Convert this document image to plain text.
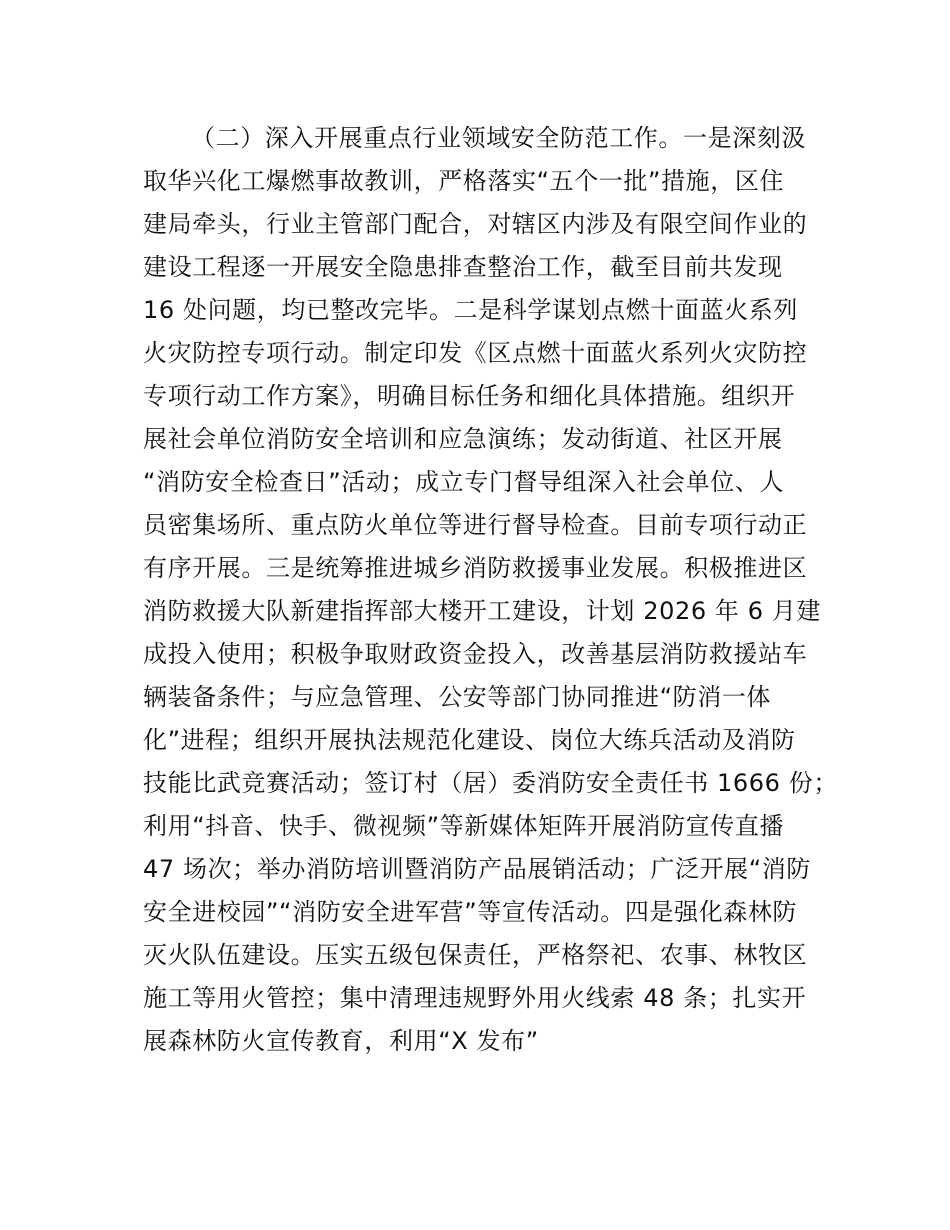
（二）深入开展重点行业领域安全防范工作。一是深刻汲
取华兴化工爆燃事故教训，严格落实“五个一批”措施，区住
建局牵头，行业主管部门配合，对辖区内涉及有限空间作业的
建设工程逐一开展安全隐患排查整治工作，截至目前共发现
16 处问题，均已整改完毕。二是科学谋划点燃十面蓝火系列
火灾防控专项行动。制定印发《区点燃十面蓝火系列火灾防控
专项行动工作方案》，明确目标任务和细化具体措施。组织开
展社会单位消防安全培训和应急演练；发动街道、社区开展
“消防安全检查日”活动；成立专门督导组深入社会单位、人
员密集场所、重点防火单位等进行督导检查。目前专项行动正
有序开展。三是统筹推进城乡消防救援事业发展。积极推进区
消防救援大队新建指挥部大楼开工建设，计划 2026 年 6 月建
成投入使用；积极争取财政资金投入，改善基层消防救援站车
辆装备条件；与应急管理、公安等部门协同推进“防消一体
化”进程；组织开展执法规范化建设、岗位大练兵活动及消防
技能比武竞赛活动；签订村（居）委消防安全责任书 1666 份；
利用“抖音、快手、微视频”等新媒体矩阵开展消防宣传直播
47 场次；举办消防培训暨消防产品展销活动；广泛开展“消防
安全进校园”“消防安全进军营”等宣传活动。四是强化森林防
灭火队伍建设。压实五级包保责任，严格祭祀、农事、林牧区
施工等用火管控；集中清理违规野外用火线索 48 条；扎实开
展森林防火宣传教育，利用“X 发布”
